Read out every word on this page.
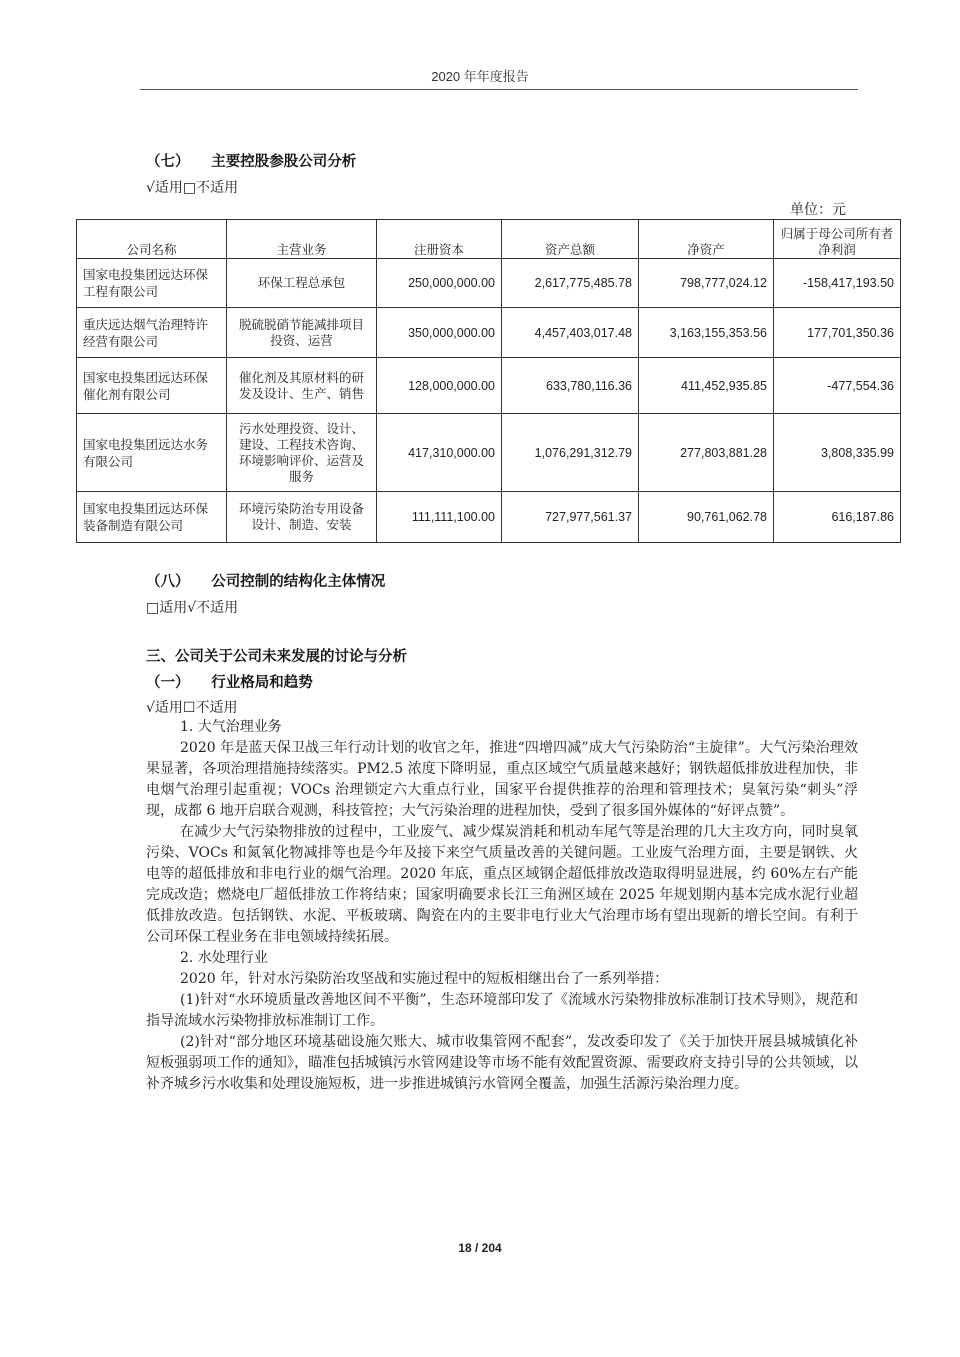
2020 年年度报告
（七）　　主要控股参股公司分析
√适用□不适用
单位：元
公司名称	主营业务	注册资本	资产总额	净资产	归属于母公司所有者净利润
国家电投集团远达环保工程有限公司	环保工程总承包	250,000,000.00	2,617,775,485.78	798,777,024.12	-158,417,193.50
重庆远达烟气治理特许经营有限公司	脱硫脱硝节能减排项目投资、运营	350,000,000.00	4,457,403,017.48	3,163,155,353.56	177,701,350.36
国家电投集团远达环保催化剂有限公司	催化剂及其原材料的研发及设计、生产、销售	128,000,000.00	633,780,116.36	411,452,935.85	-477,554.36
国家电投集团远达水务有限公司	污水处理投资、设计、建设、工程技术咨询、环境影响评价、运营及服务	417,310,000.00	1,076,291,312.79	277,803,881.28	3,808,335.99
国家电投集团远达环保装备制造有限公司	环境污染防治专用设备设计、制造、安装	111,111,100.00	727,977,561.37	90,761,062.78	616,187.86
（八）　　公司控制的结构化主体情况
□适用√不适用
三、公司关于公司未来发展的讨论与分析
（一）　　行业格局和趋势
√适用☐不适用

1. 大气治理业务

2020 年是蓝天保卫战三年行动计划的收官之年，推进“四增四减”成大气污染防治“主旋律”。大气污染治理效果显著，各项治理措施持续落实。PM2.5 浓度下降明显，重点区域空气质量越来越好；钢铁超低排放进程加快，非电烟气治理引起重视；VOCs 治理锁定六大重点行业，国家平台提供推荐的治理和管理技术；臭氧污染“刺头”浮现，成都 6 地开启联合观测，科技管控；大气污染治理的进程加快，受到了很多国外媒体的“好评点赞”。

在减少大气污染物排放的过程中，工业废气、减少煤炭消耗和机动车尾气等是治理的几大主攻方向，同时臭氧污染、VOCs 和氮氧化物减排等也是今年及接下来空气质量改善的关键问题。工业废气治理方面，主要是钢铁、火电等的超低排放和非电行业的烟气治理。2020 年底，重点区域钢企超低排放改造取得明显进展，约 60%左右产能完成改造；燃烧电厂超低排放工作将结束；国家明确要求长江三角洲区域在 2025 年规划期内基本完成水泥行业超低排放改造。包括钢铁、水泥、平板玻璃、陶瓷在内的主要非电行业大气治理市场有望出现新的增长空间。有利于公司环保工程业务在非电领域持续拓展。

2. 水处理行业

2020 年，针对水污染防治攻坚战和实施过程中的短板相继出台了一系列举措：

(1)针对“水环境质量改善地区间不平衡”，生态环境部印发了《流域水污染物排放标准制订技术导则》，规范和指导流域水污染物排放标准制订工作。

(2)针对“部分地区环境基础设施欠账大、城市收集管网不配套”，发改委印发了《关于加快开展县城城镇化补短板强弱项工作的通知》，瞄准包括城镇污水管网建设等市场不能有效配置资源、需要政府支持引导的公共领域，以补齐城乡污水收集和处理设施短板，进一步推进城镇污水管网全覆盖，加强生活源污染治理力度。

18 / 204
